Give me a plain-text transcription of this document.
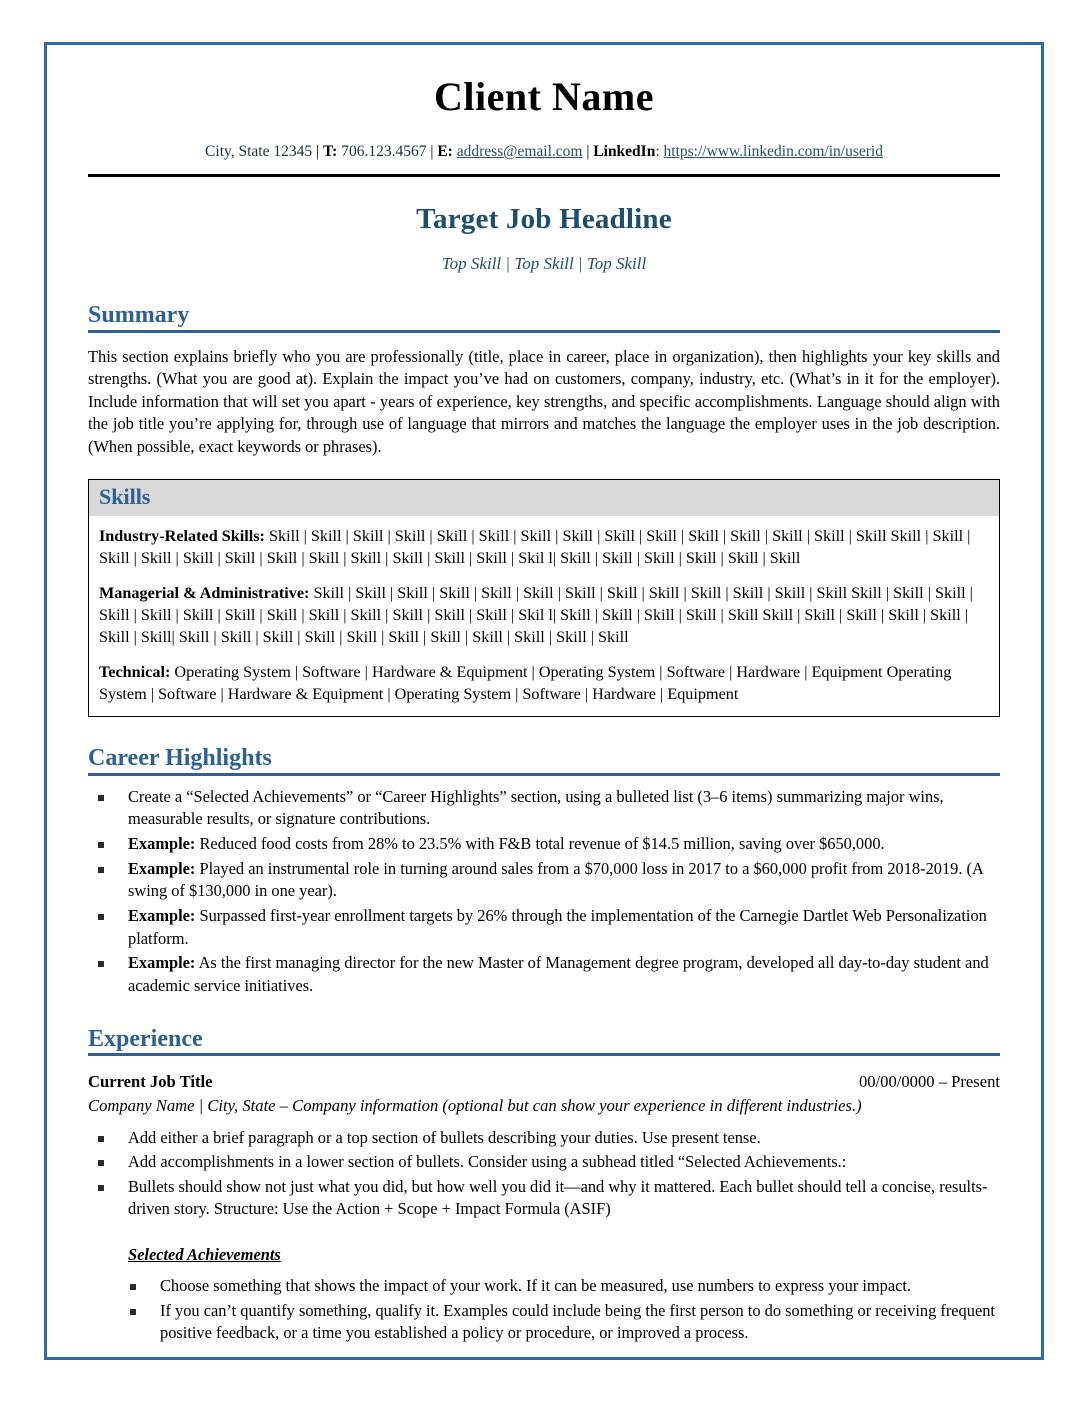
Client Name
City, State 12345 | T: 706.123.4567 | E: address@email.com | LinkedIn: https://www.linkedin.com/in/userid
Target Job Headline
Top Skill | Top Skill | Top Skill
Summary
This section explains briefly who you are professionally (title, place in career, place in organization), then highlights your key skills and strengths. (What you are good at). Explain the impact you’ve had on customers, company, industry, etc. (What’s in it for the employer). Include information that will set you apart - years of experience, key strengths, and specific accomplishments. Language should align with the job title you’re applying for, through use of language that mirrors and matches the language the employer uses in the job description. (When possible, exact keywords or phrases).
Skills
Industry-Related Skills: Skill | Skill | Skill | Skill | Skill | Skill | Skill | Skill | Skill | Skill | Skill | Skill | Skill | Skill | Skill Skill | Skill | Skill | Skill | Skill | Skill | Skill | Skill | Skill | Skill | Skill | Skill | Skil l| Skill | Skill | Skill | Skill | Skill | Skill
Managerial & Administrative: Skill | Skill | Skill | Skill | Skill | Skill | Skill | Skill | Skill | Skill | Skill | Skill | Skill Skill | Skill | Skill | Skill | Skill | Skill | Skill | Skill | Skill | Skill | Skill | Skill | Skill | Skil l| Skill | Skill | Skill | Skill | Skill Skill | Skill | Skill | Skill | Skill | Skill | Skill| Skill | Skill | Skill | Skill | Skill | Skill | Skill | Skill | Skill | Skill | Skill
Technical: Operating System | Software | Hardware & Equipment | Operating System | Software | Hardware | Equipment Operating System | Software | Hardware & Equipment | Operating System | Software | Hardware | Equipment
Career Highlights
Create a “Selected Achievements” or “Career Highlights” section, using a bulleted list (3–6 items) summarizing major wins, measurable results, or signature contributions.
Example: Reduced food costs from 28% to 23.5% with F&B total revenue of $14.5 million, saving over $650,000.
Example: Played an instrumental role in turning around sales from a $70,000 loss in 2017 to a $60,000 profit from 2018-2019. (A swing of $130,000 in one year).
Example: Surpassed first-year enrollment targets by 26% through the implementation of the Carnegie Dartlet Web Personalization platform.
Example: As the first managing director for the new Master of Management degree program, developed all day-to-day student and academic service initiatives.
Experience
Current Job Title	00/00/0000 – Present
Company Name | City, State – Company information (optional but can show your experience in different industries.)
Add either a brief paragraph or a top section of bullets describing your duties. Use present tense.
Add accomplishments in a lower section of bullets. Consider using a subhead titled “Selected Achievements.:
Bullets should show not just what you did, but how well you did it—and why it mattered. Each bullet should tell a concise, results-driven story. Structure: Use the Action + Scope + Impact Formula (ASIF)
Selected Achievements
Choose something that shows the impact of your work. If it can be measured, use numbers to express your impact.
If you can’t quantify something, qualify it. Examples could include being the first person to do something or receiving frequent positive feedback, or a time you established a policy or procedure, or improved a process.
